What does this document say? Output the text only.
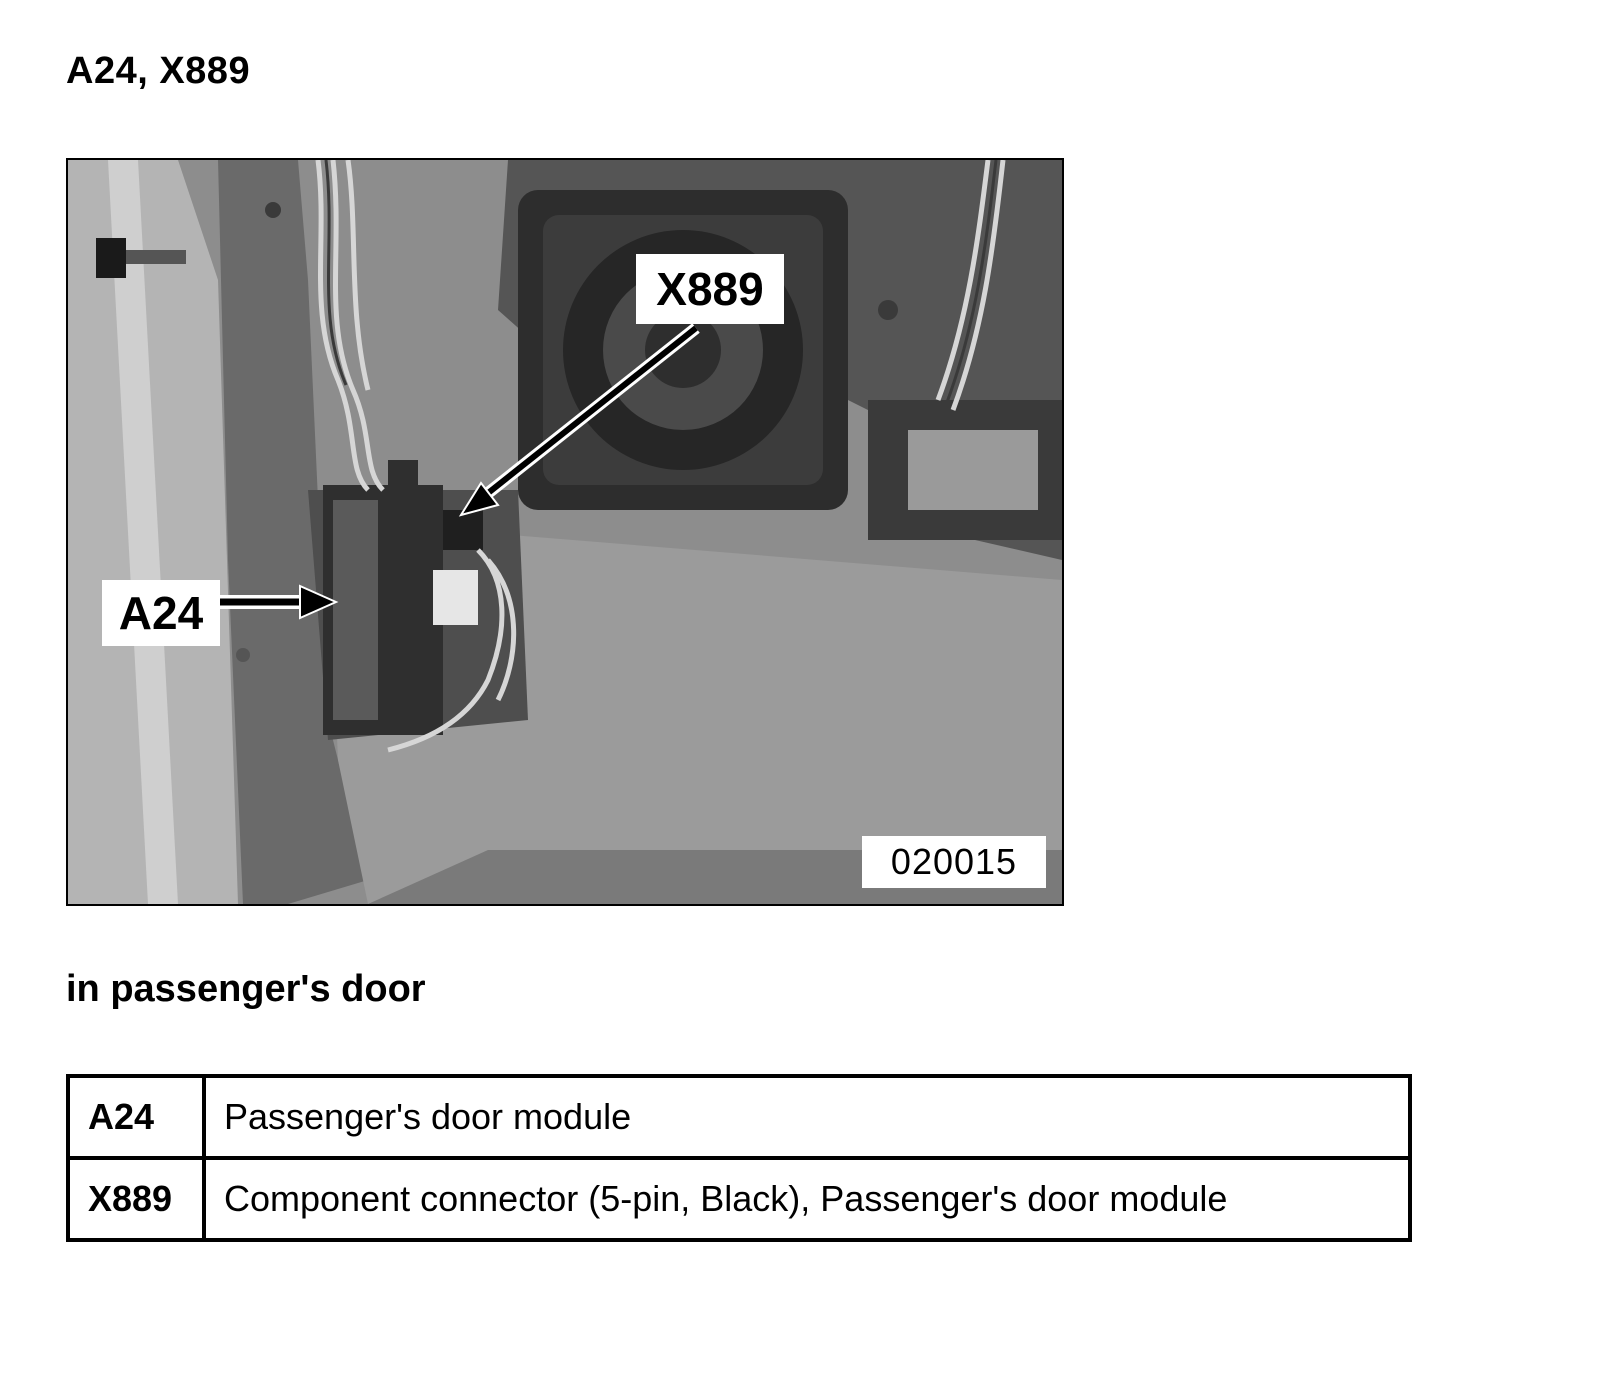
A24, X889
X889
A24
020015
in passenger's door
A24	Passenger's door module
X889	Component connector (5-pin, Black), Passenger's door module
